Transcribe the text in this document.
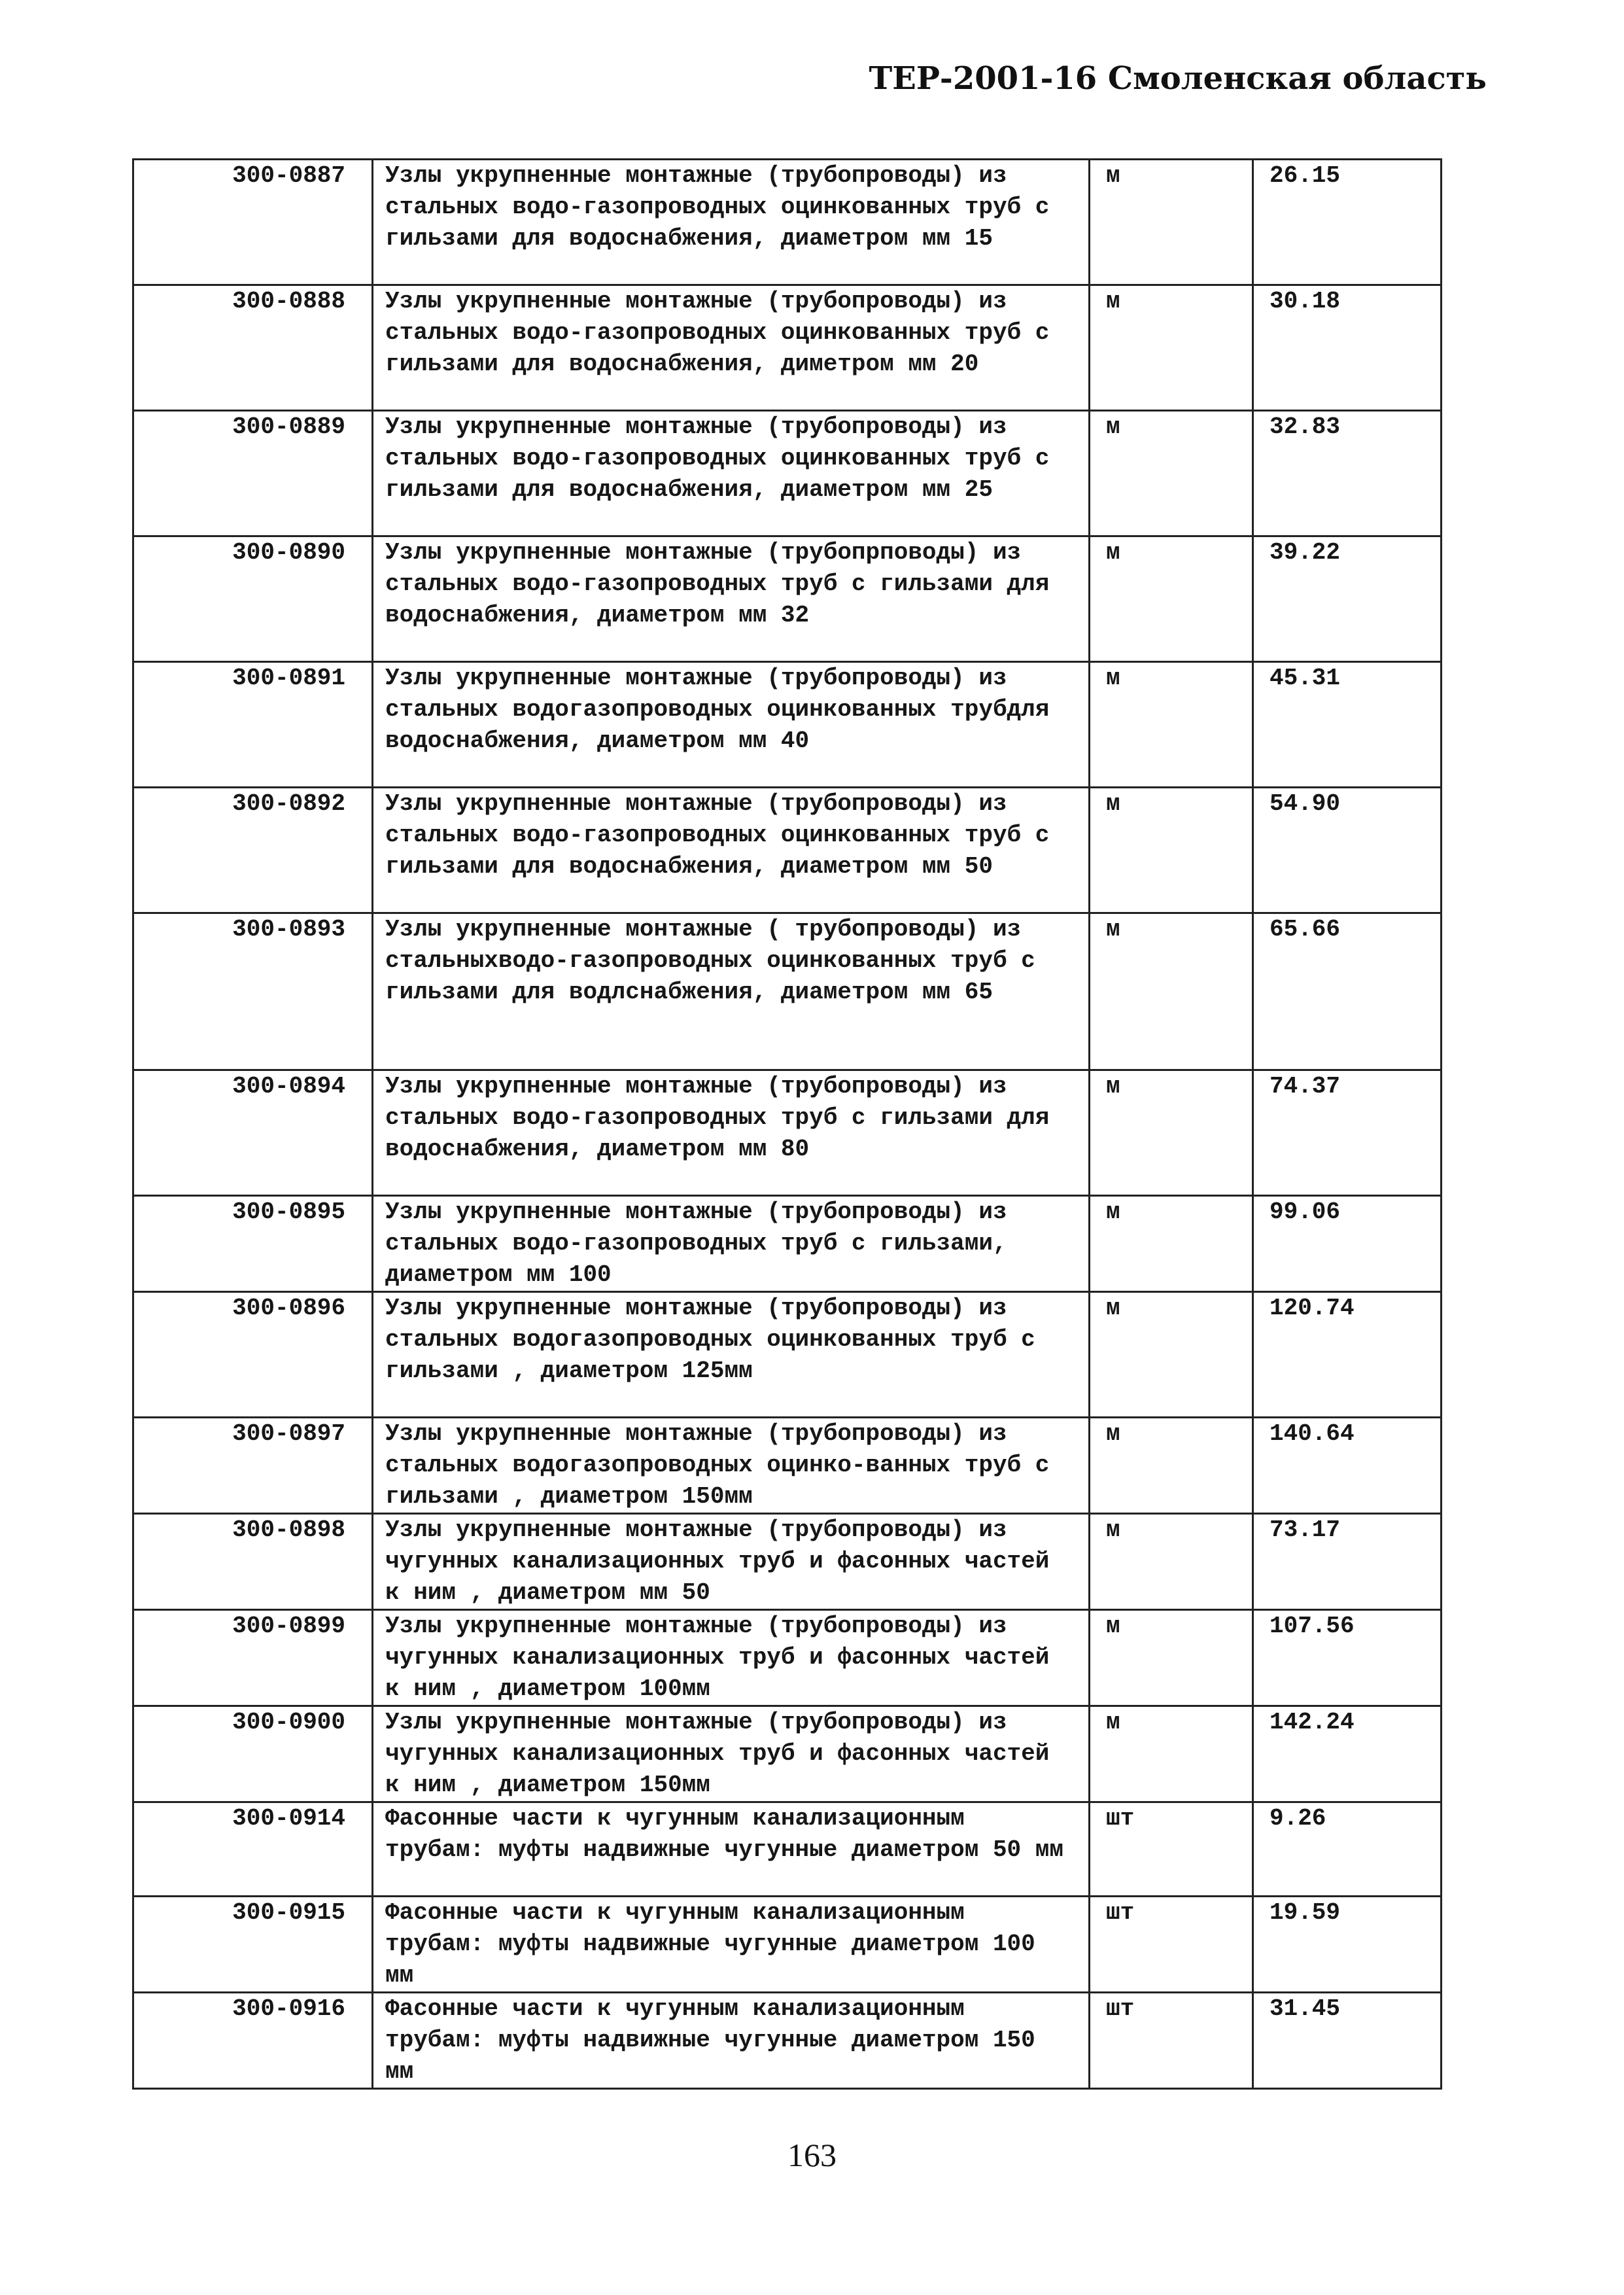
ТЕР-2001-16 Смоленская область
300-0887	Узлы укрупненные монтажные (трубопроводы) из стальных водо-газопроводных оцинкованных труб с гильзами для водоснабжения, диаметром мм 15	м	26.15
300-0888	Узлы укрупненные монтажные (трубопроводы) из стальных водо-газопроводных оцинкованных труб с гильзами для водоснабжения, диметром мм 20	м	30.18
300-0889	Узлы укрупненные монтажные (трубопроводы) из стальных водо-газопроводных оцинкованных труб с гильзами для водоснабжения, диаметром мм 25	м	32.83
300-0890	Узлы укрупненные монтажные (трубопрповоды) из стальных водо-газопроводных труб с гильзами для водоснабжения, диаметром мм 32	м	39.22
300-0891	Узлы укрупненные монтажные (трубопроводы) из стальных водогазопроводных оцинкованных трубдля водоснабжения, диаметром мм 40	м	45.31
300-0892	Узлы укрупненные монтажные (трубопроводы) из стальных водо-газопроводных оцинкованных труб с гильзами для водоснабжения, диаметром мм 50	м	54.90
300-0893	Узлы укрупненные монтажные ( трубопроводы) из стальныхводо-газопроводных оцинкованных труб с гильзами для водлснабжения, диаметром мм 65	м	65.66
300-0894	Узлы укрупненные монтажные (трубопроводы) из стальных водо-газопроводных труб с гильзами для водоснабжения, диаметром мм 80	м	74.37
300-0895	Узлы укрупненные монтажные (трубопроводы) из стальных водо-газопроводных труб с гильзами, диаметром мм 100	м	99.06
300-0896	Узлы укрупненные монтажные (трубопроводы) из стальных водогазопроводных оцинкованных труб с гильзами , диаметром 125мм	м	120.74
300-0897	Узлы укрупненные монтажные (трубопроводы) из стальных водогазопроводных оцинко-ванных труб с гильзами , диаметром 150мм	м	140.64
300-0898	Узлы укрупненные монтажные (трубопроводы) из чугунных канализационных труб и фасонных частей к ним , диаметром мм 50	м	73.17
300-0899	Узлы укрупненные монтажные (трубопроводы) из чугунных канализационных труб и фасонных частей к ним , диаметром 100мм	м	107.56
300-0900	Узлы укрупненные монтажные (трубопроводы) из чугунных канализационных труб и фасонных частей к ним , диаметром 150мм	м	142.24
300-0914	Фасонные части к чугунным канализационным трубам: муфты надвижные чугунные диаметром 50 мм	шт	9.26
300-0915	Фасонные части к чугунным канализационным трубам: муфты надвижные чугунные диаметром 100 мм	шт	19.59
300-0916	Фасонные части к чугунным канализационным трубам: муфты надвижные чугунные диаметром 150 мм	шт	31.45
163
